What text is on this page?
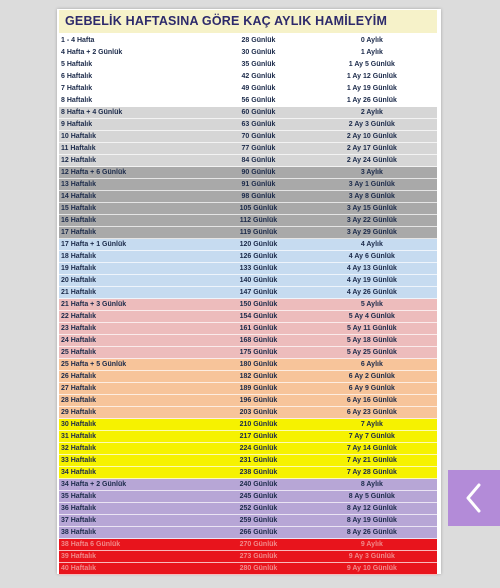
GEBELİK HAFTASINA GÖRE KAÇ AYLIK HAMİLEYİM
1 - 4 Hafta	28 Günlük	0 Aylık
4 Hafta + 2 Günlük	30 Günlük	1 Aylık
5 Haftalık	35 Günlük	1 Ay 5 Günlük
6 Haftalık	42 Günlük	1 Ay 12 Günlük
7 Haftalık	49 Günlük	1 Ay 19 Günlük
8 Haftalık	56 Günlük	1 Ay 26 Günlük
8 Hafta + 4 Günlük	60 Günlük	2 Aylık
9 Haftalık	63 Günlük	2 Ay 3 Günlük
10 Haftalık	70 Günlük	2 Ay 10 Günlük
11 Haftalık	77 Günlük	2 Ay 17 Günlük
12 Haftalık	84 Günlük	2 Ay 24 Günlük
12 Hafta + 6 Günlük	90 Günlük	3 Aylık
13 Haftalık	91 Günlük	3 Ay 1 Günlük
14 Haftalık	98 Günlük	3 Ay 8 Günlük
15 Haftalık	105 Günlük	3 Ay 15 Günlük
16 Haftalık	112 Günlük	3 Ay 22 Günlük
17 Haftalık	119 Günlük	3 Ay 29 Günlük
17 Hafta + 1 Günlük	120 Günlük	4 Aylık
18 Haftalık	126 Günlük	4 Ay 6 Günlük
19 Haftalık	133 Günlük	4 Ay 13 Günlük
20 Haftalık	140 Günlük	4 Ay 19 Günlük
21 Haftalık	147 Günlük	4 Ay 26 Günlük
21 Hafta + 3 Günlük	150 Günlük	5 Aylık
22 Haftalık	154 Günlük	5 Ay 4 Günlük
23 Haftalık	161 Günlük	5 Ay 11 Günlük
24 Haftalık	168 Günlük	5 Ay 18 Günlük
25 Haftalık	175 Günlük	5 Ay 25 Günlük
25 Hafta + 5 Günlük	180 Günlük	6 Aylık
26 Haftalık	182 Günlük	6 Ay 2 Günlük
27 Haftalık	189 Günlük	6 Ay 9 Günlük
28 Haftalık	196 Günlük	6 Ay 16 Günlük
29 Haftalık	203 Günlük	6 Ay 23 Günlük
30 Haftalık	210 Günlük	7 Aylık
31 Haftalık	217 Günlük	7 Ay 7 Günlük
32 Haftalık	224 Günlük	7 Ay 14 Günlük
33 Haftalık	231 Günlük	7 Ay 21 Günlük
34 Haftalık	238 Günlük	7 Ay 28 Günlük
34 Hafta + 2 Günlük	240 Günlük	8 Aylık
35 Haftalık	245 Günlük	8 Ay 5 Günlük
36 Haftalık	252 Günlük	8 Ay 12 Günlük
37 Haftalık	259 Günlük	8 Ay 19 Günlük
38 Haftalık	266 Günlük	8 Ay 26 Günlük
38 Hafta 6 Günlük	270 Günlük	9 Aylık
39 Haftalık	273 Günlük	9 Ay 3 Günlük
40 Haftalık	280 Günlük	9 Ay 10 Günlük
